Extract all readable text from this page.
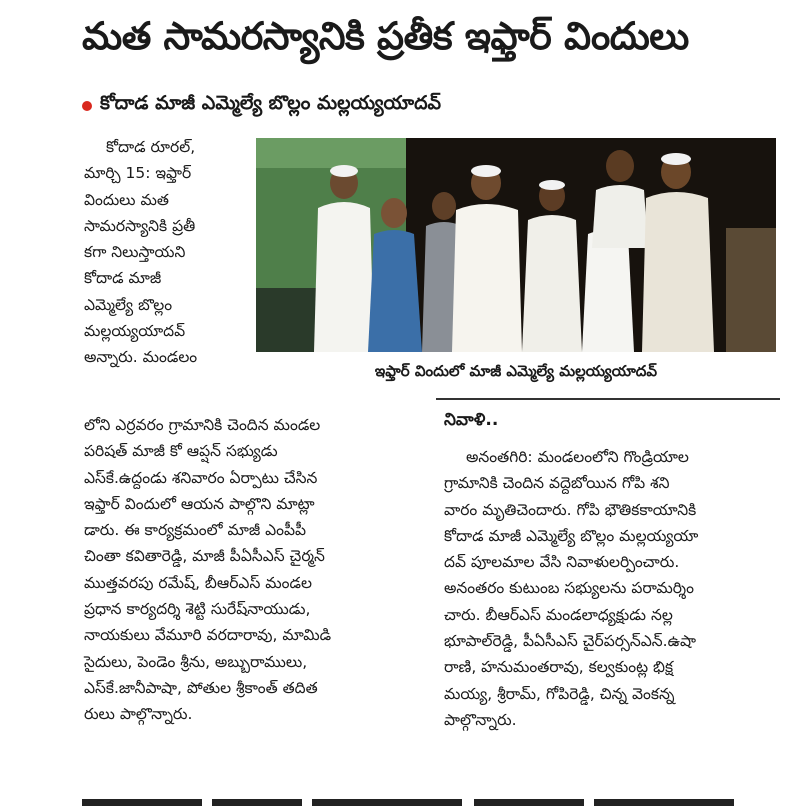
మత సామరస్యానికి ప్రతీక ఇఫ్తార్ విందులు
కోదాడ మాజీ ఎమ్మెల్యే బొల్లం మల్లయ్యయాదవ్

కోదాడ రూరల్,

మార్చి 15: ఇఫ్తార్

విందులు మత

సామరస్యానికి ప్రతీ

కగా నిలుస్తాయని

కోదాడ మాజీ

ఎమ్మెల్యే బొల్లం

మల్లయ్యయాదవ్

అన్నారు. మండలం

ఇఫ్తార్ విందులో మాజీ ఎమ్మెల్యే మల్లయ్యయాదవ్

లోని ఎర్రవరం గ్రామానికి చెందిన మండల

పరిషత్ మాజీ కో ఆప్షన్ సభ్యుడు

ఎస్‌కే.ఉద్దండు శనివారం ఏర్పాటు చేసిన

ఇఫ్తార్ విందులో ఆయన పాల్గొని మాట్లా

డారు. ఈ కార్యక్రమంలో మాజీ ఎంపీపీ

చింతా కవితారెడ్డి, మాజీ పీఏసీఎస్ చైర్మన్

ముత్తవరపు రమేష్, బీఆర్ఎస్ మండల

ప్రధాన కార్యదర్శి శెట్టి సురేష్‌నాయుడు,

నాయకులు వేమూరి వరదారావు, మామిడి

సైదులు, పెండెం శ్రీను, అబ్బురాములు,

ఎస్‌కే.జానీపాషా, పోతుల శ్రీకాంత్ తదిత

రులు పాల్గొన్నారు.

నివాళి..

అనంతగిరి: మండలంలోని గొండ్రియాల

గ్రామానికి చెందిన వద్దెబోయిన గోపి శని

వారం మృతిచెందారు. గోపి భౌతికకాయానికి

కోదాడ మాజీ ఎమ్మెల్యే బొల్లం మల్లయ్యయా

దవ్ పూలమాల వేసి నివాళులర్పించారు.

అనంతరం కుటుంబ సభ్యులను పరామర్శిం

చారు. బీఆర్ఎస్ మండలాధ్యక్షుడు నల్ల

భూపాల్‌రెడ్డి, పీఏసీఎస్ చైర్‌పర్సన్‌ఎన్.ఉషా

రాణి, హనుమంతరావు, కల్వకుంట్ల భిక్ష

మయ్య, శ్రీరామ్, గోపిరెడ్డి, చిన్న వెంకన్న

పాల్గొన్నారు.
